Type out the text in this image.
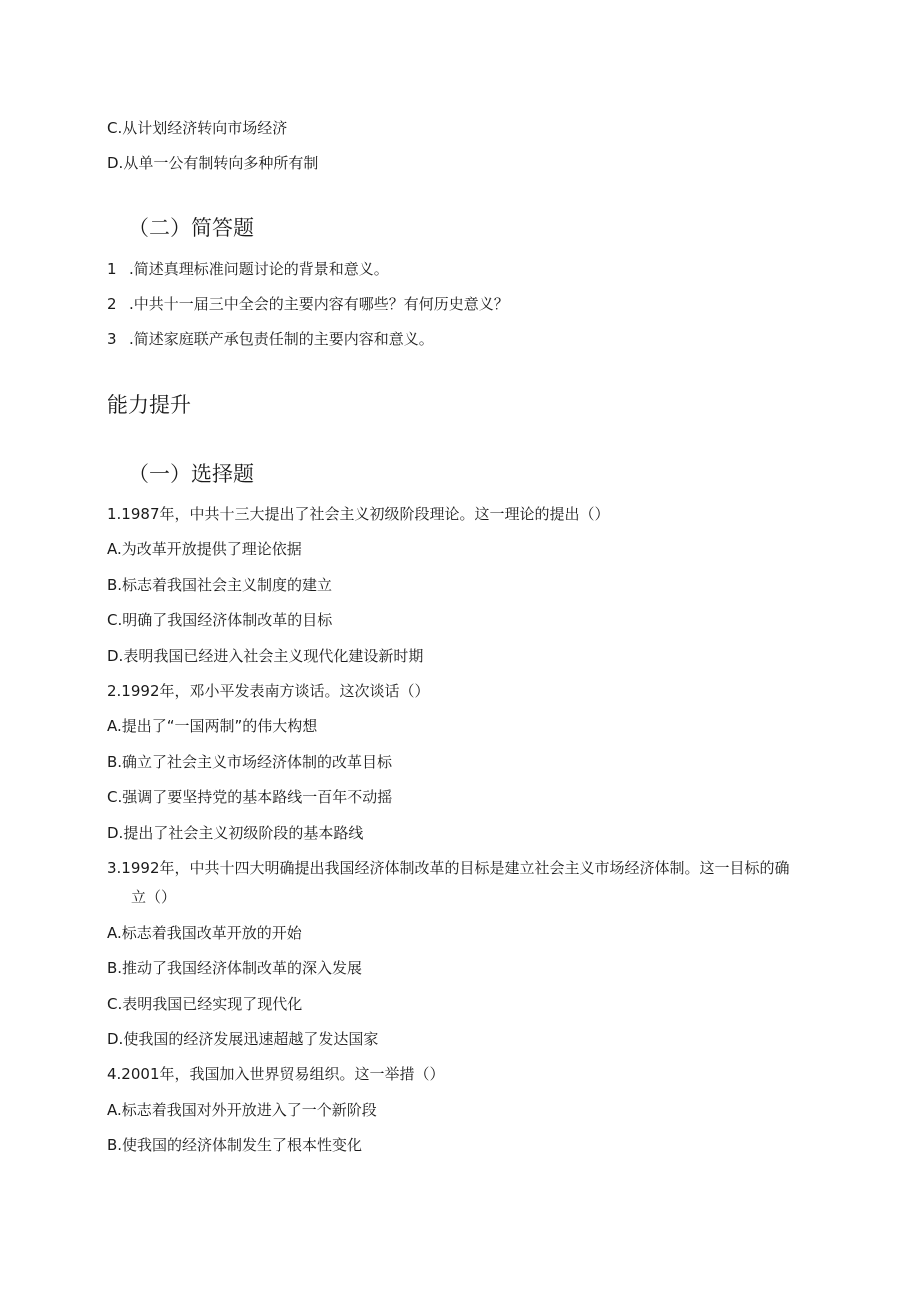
C.从计划经济转向市场经济
D.从单一公有制转向多种所有制
（二）简答题
1 .简述真理标准问题讨论的背景和意义。
2 .中共十一届三中全会的主要内容有哪些？有何历史意义？
3 .简述家庭联产承包责任制的主要内容和意义。
能力提升
（一）选择题
1.1987年，中共十三大提出了社会主义初级阶段理论。这一理论的提出（）
A.为改革开放提供了理论依据
B.标志着我国社会主义制度的建立
C.明确了我国经济体制改革的目标
D.表明我国已经进入社会主义现代化建设新时期
2.1992年，邓小平发表南方谈话。这次谈话（）
A.提出了“一国两制”的伟大构想
B.确立了社会主义市场经济体制的改革目标
C.强调了要坚持党的基本路线一百年不动摇
D.提出了社会主义初级阶段的基本路线
3.1992年，中共十四大明确提出我国经济体制改革的目标是建立社会主义市场经济体制。这一目标的确
立（）
A.标志着我国改革开放的开始
B.推动了我国经济体制改革的深入发展
C.表明我国已经实现了现代化
D.使我国的经济发展迅速超越了发达国家
4.2001年，我国加入世界贸易组织。这一举措（）
A.标志着我国对外开放进入了一个新阶段
B.使我国的经济体制发生了根本性变化
